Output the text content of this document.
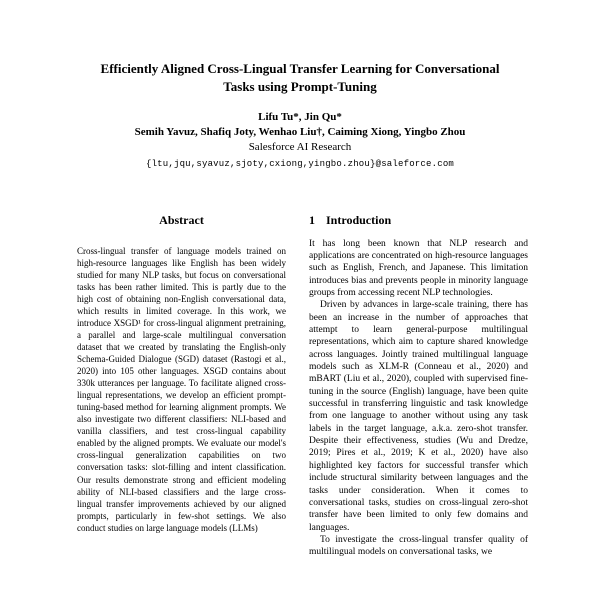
Efficiently Aligned Cross-Lingual Transfer Learning for Conversational
Tasks using Prompt-Tuning
Lifu Tu*, Jin Qu*
Semih Yavuz, Shafiq Joty, Wenhao Liu†, Caiming Xiong, Yingbo Zhou
Salesforce AI Research
{ltu,jqu,syavuz,sjoty,cxiong,yingbo.zhou}@saleforce.com
Abstract

Cross-lingual transfer of language models trained on high-resource languages like English has been widely studied for many NLP tasks, but focus on conversational tasks has been rather limited. This is partly due to the high cost of obtaining non-English conversational data, which results in limited coverage. In this work, we introduce XSGD¹ for cross-lingual alignment pretraining, a parallel and large-scale multilingual conversation dataset that we created by translating the English-only Schema-Guided Dialogue (SGD) dataset (Rastogi et al., 2020) into 105 other languages. XSGD contains about 330k utterances per language. To facilitate aligned cross-lingual representations, we develop an efficient prompt-tuning-based method for learning alignment prompts. We also investigate two different classifiers: NLI-based and vanilla classifiers, and test cross-lingual capability enabled by the aligned prompts. We evaluate our model's cross-lingual generalization capabilities on two conversation tasks: slot-filling and intent classification. Our results demonstrate strong and efficient modeling ability of NLI-based classifiers and the large cross-lingual transfer improvements achieved by our aligned prompts, particularly in few-shot settings. We also conduct studies on large language models (LLMs)

1 Introduction

It has long been known that NLP research and applications are concentrated on high-resource languages such as English, French, and Japanese. This limitation introduces bias and prevents people in minority language groups from accessing recent NLP technologies.

Driven by advances in large-scale training, there has been an increase in the number of approaches that attempt to learn general-purpose multilingual representations, which aim to capture shared knowledge across languages. Jointly trained multilingual language models such as XLM-R (Conneau et al., 2020) and mBART (Liu et al., 2020), coupled with supervised fine-tuning in the source (English) language, have been quite successful in transferring linguistic and task knowledge from one language to another without using any task labels in the target language, a.k.a. zero-shot transfer. Despite their effectiveness, studies (Wu and Dredze, 2019; Pires et al., 2019; K et al., 2020) have also highlighted key factors for successful transfer which include structural similarity between languages and the tasks under consideration. When it comes to conversational tasks, studies on cross-lingual zero-shot transfer have been limited to only few domains and languages.

To investigate the cross-lingual transfer quality of multilingual models on conversational tasks, we
